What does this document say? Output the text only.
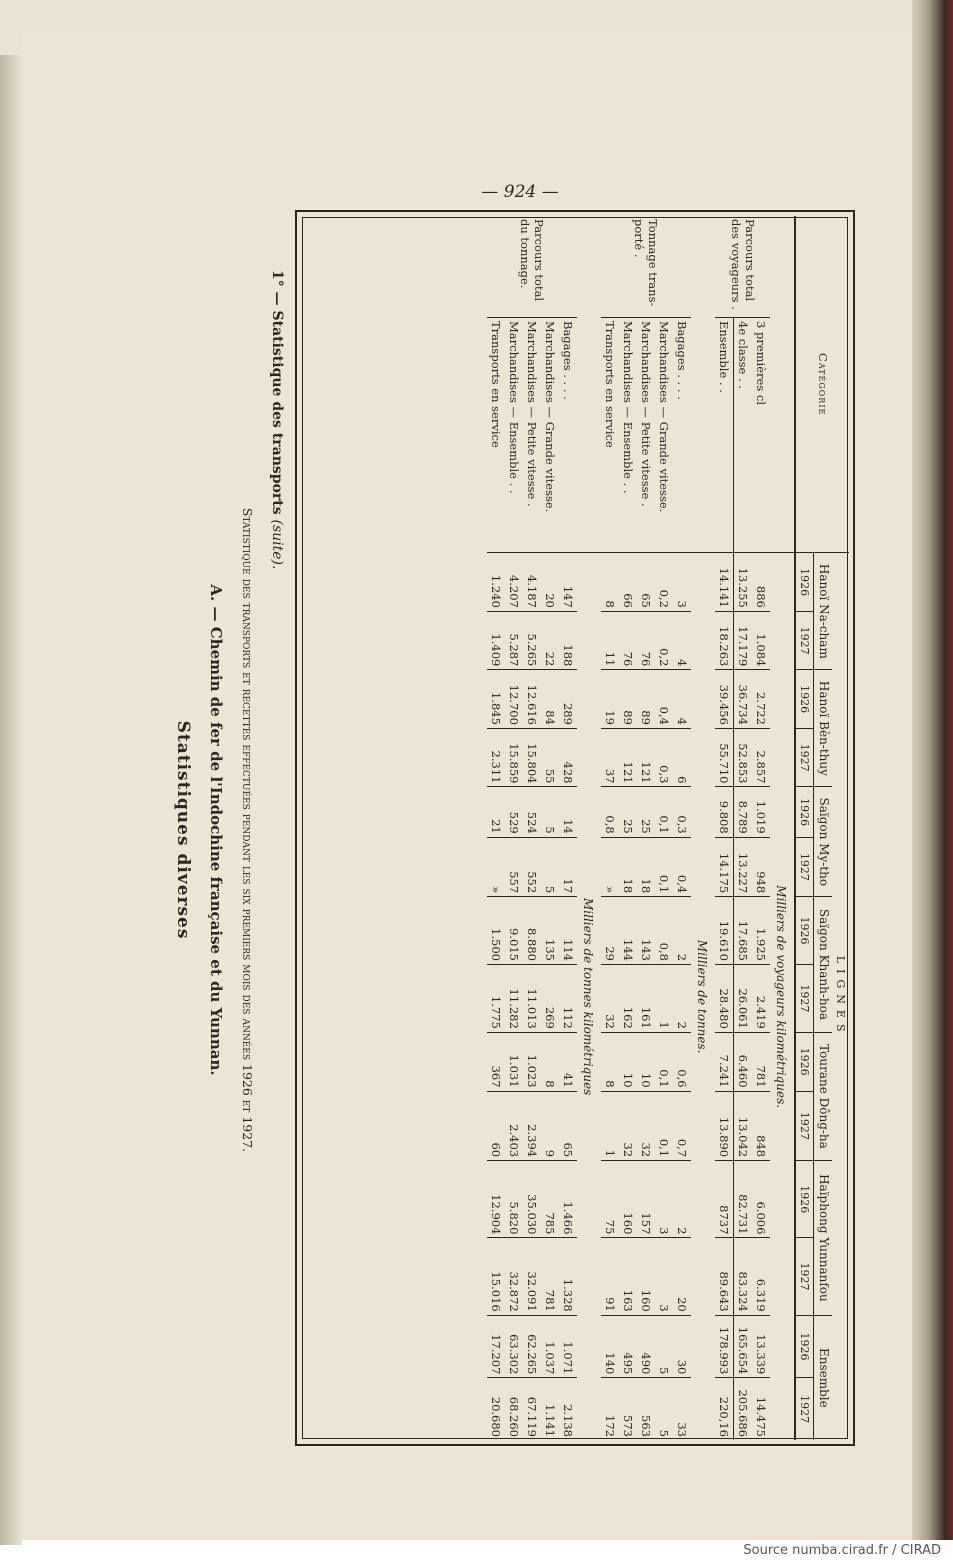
— 924 —
Statistiques diverses A. — Chemin de fer de l'Indochine française et du Yunnan. Statistique des transports et recettes effectuées pendant les six premiers mois des années 1926 et 1927.
1° — Statistique des transports (suite).
Catégorie		LIGNES													
		Hanoï Na-cham		Hanoï Bèn-thuy		Saïgon My-tho		Saïgon Khanh-hoa		Tourane Dông-ha		Haïphong Yunnanfou		Ensemble	
		1926	1927	1926	1927	1926	1927	1926	1927	1926	1927	1926	1927	1926	1927
		Milliers de voyageurs kilométriques.													
Parcours total des voyageurs .	3 premières cl	886	1.084	2.722	2.857	1.019	948	1.925	2.419	781	848	6.006	6.319	13.339	14.475
	4e classe . .	13.255	17.179	36.734	52.853	8.789	13.227	17.685	26.061	6.460	13.042	82.731	83.324	165.654	205.686
	Ensemble . .	14.141	18.263	39.456	55.710	9.808	14.175	19.610	28.480	7.241	13.890	8737	89.643	178.993	220,16
		Milliers de tonnes.													
Tonnage trans-porté .	Bagages . . . .	3	4	4	6	0,3	0,4	2	2	0,6	0,7	2	20	30	33
	Marchandises — Grande vitesse.	0,2	0,2	0,4	0,3	0,1	0,1	0,8	1	0,1	0,1	3	3	5	5
	Marchandises — Petite vitesse .	65	76	89	121	25	18	143	161	10	32	157	160	490	563
	Marchandises — Ensemble . .	66	76	89	121	25	18	144	162	10	32	160	163	495	573
	Transports en service	8	11	19	37	0,8	»	29	32	8	1	75	91	140	172
		Milliers de tonnes kilométriques													
Parcours total du tonnage.	Bagages . . . .	147	188	289	428	14	17	114	112	41	65	1.466	1.328	1.071	2.138
	Marchandises — Grande vitesse.	20	22	84	55	5	5	135	269	8	9	785	781	1.037	1.141
	Marchandises — Petite vitesse .	4.187	5.265	12.616	15.804	524	552	8.880	11.013	1.023	2.394	35.030	32.091	62.265	67.119
	Marchandises — Ensemble . .	4.207	5.287	12.700	15.859	529	557	9.015	11.282	1.031	2.403	5.820	32.872	63.302	68.260
	Transports en service	1.240	1.409	1.845	2.311	21	»	1.500	1.775	367	60	12.904	15.016	17.207	20.680
Source numba.cirad.fr / CIRAD
